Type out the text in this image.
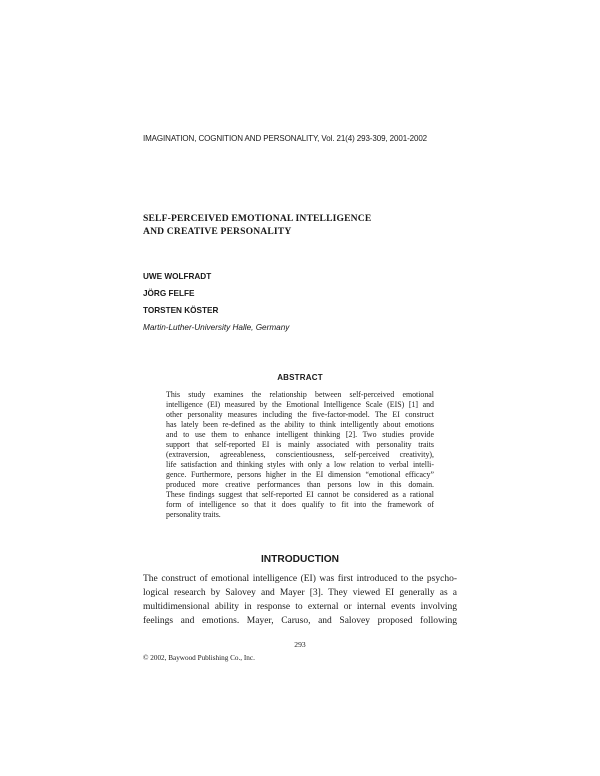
IMAGINATION, COGNITION AND PERSONALITY, Vol. 21(4) 293-309, 2001-2002
SELF-PERCEIVED EMOTIONAL INTELLIGENCE
AND CREATIVE PERSONALITY
UWE WOLFRADT
JÖRG FELFE
TORSTEN KÖSTER
Martin-Luther-University Halle, Germany
ABSTRACT
This study examines the relationship between self-perceived emotional
intelligence (EI) measured by the Emotional Intelligence Scale (EIS) [1] and
other personality measures including the five-factor-model. The EI construct
has lately been re-defined as the ability to think intelligently about emotions
and to use them to enhance intelligent thinking [2]. Two studies provide
support that self-reported EI is mainly associated with personality traits
(extraversion, agreeableness, conscientiousness, self-perceived creativity),
life satisfaction and thinking styles with only a low relation to verbal intelli-
gence. Furthermore, persons higher in the EI dimension “emotional efficacy”
produced more creative performances than persons low in this domain.
These findings suggest that self-reported EI cannot be considered as a rational
form of intelligence so that it does qualify to fit into the framework of
personality traits.
INTRODUCTION
The construct of emotional intelligence (EI) was first introduced to the psycho-
logical research by Salovey and Mayer [3]. They viewed EI generally as a
multidimensional ability in response to external or internal events involving
feelings and emotions. Mayer, Caruso, and Salovey proposed following
293
© 2002, Baywood Publishing Co., Inc.
